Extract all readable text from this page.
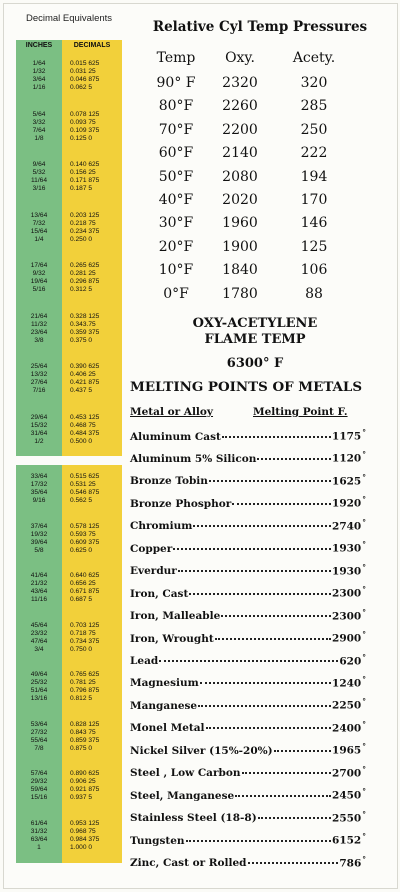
Decimal Equivalents
INCHES	DECIMALS
1/64	0.015 625
1/32	0.031 25
3/64	0.046 875
1/16	0.062 5
5/64	0.078 125
3/32	0.093 75
7/64	0.109 375
1/8	0.125 0
9/64	0.140 625
5/32	0.156 25
11/64	0.171 875
3/16	0.187 5
13/64	0.203 125
7/32	0.218 75
15/64	0.234 375
1/4	0.250 0
17/64	0.265 625
9/32	0.281 25
19/64	0.296 875
5/16	0.312 5
21/64	0.328 125
11/32	0.343.75
23/64	0.359 375
3/8	0.375 0
25/64	0.390 625
13/32	0.406 25
27/64	0.421 875
7/16	0.437 5
29/64	0.453 125
15/32	0.468 75
31/64	0.484 375
1/2	0.500 0
33/64	0.515 625
17/32	0.531 25
35/64	0.546 875
9/16	0.562 5
37/64	0.578 125
19/32	0.593 75
39/64	0.609 375
5/8	0.625 0
41/64	0.640 625
21/32	0.656 25
43/64	0.671 875
11/16	0.687 5
45/64	0.703 125
23/32	0.718 75
47/64	0.734 375
3/4	0.750 0
49/64	0.765 625
25/32	0.781 25
51/64	0.796 875
13/16	0.812 5
53/64	0.828 125
27/32	0.843 75
55/64	0.859 375
7/8	0.875 0
57/64	0.890 625
29/32	0.906 25
59/64	0.921 875
15/16	0.937 5
61/64	0.953 125
31/32	0.968 75
63/64	0.984 375
1	1.000 0
Relative Cyl Temp Pressures
Temp	Oxy.	Acety.
90° F	2320	320
80°F	2260	285
70°F	2200	250
60°F	2140	222
50°F	2080	194
40°F	2020	170
30°F	1960	146
20°F	1900	125
10°F	1840	106
0°F	1780	88
OXY-ACETYLENE
FLAME TEMP
6300° F
MELTING POINTS OF METALS
Metal or Alloy	Melting Point F.
Aluminum Cast	1175°
Aluminum 5% Silicon	1120°
Bronze Tobin	1625°
Bronze Phosphor	1920°
Chromium	2740°
Copper	1930°
Everdur	1930°
Iron, Cast	2300°
Iron, Malleable	2300°
Iron, Wrought	2900°
Lead	620°
Magnesium	1240°
Manganese	2250°
Monel Metal	2400°
Nickel Silver (15%-20%)	1965°
Steel , Low Carbon	2700°
Steel, Manganese	2450°
Stainless Steel (18-8)	2550°
Tungsten	6152°
Zinc, Cast or Rolled	786°
